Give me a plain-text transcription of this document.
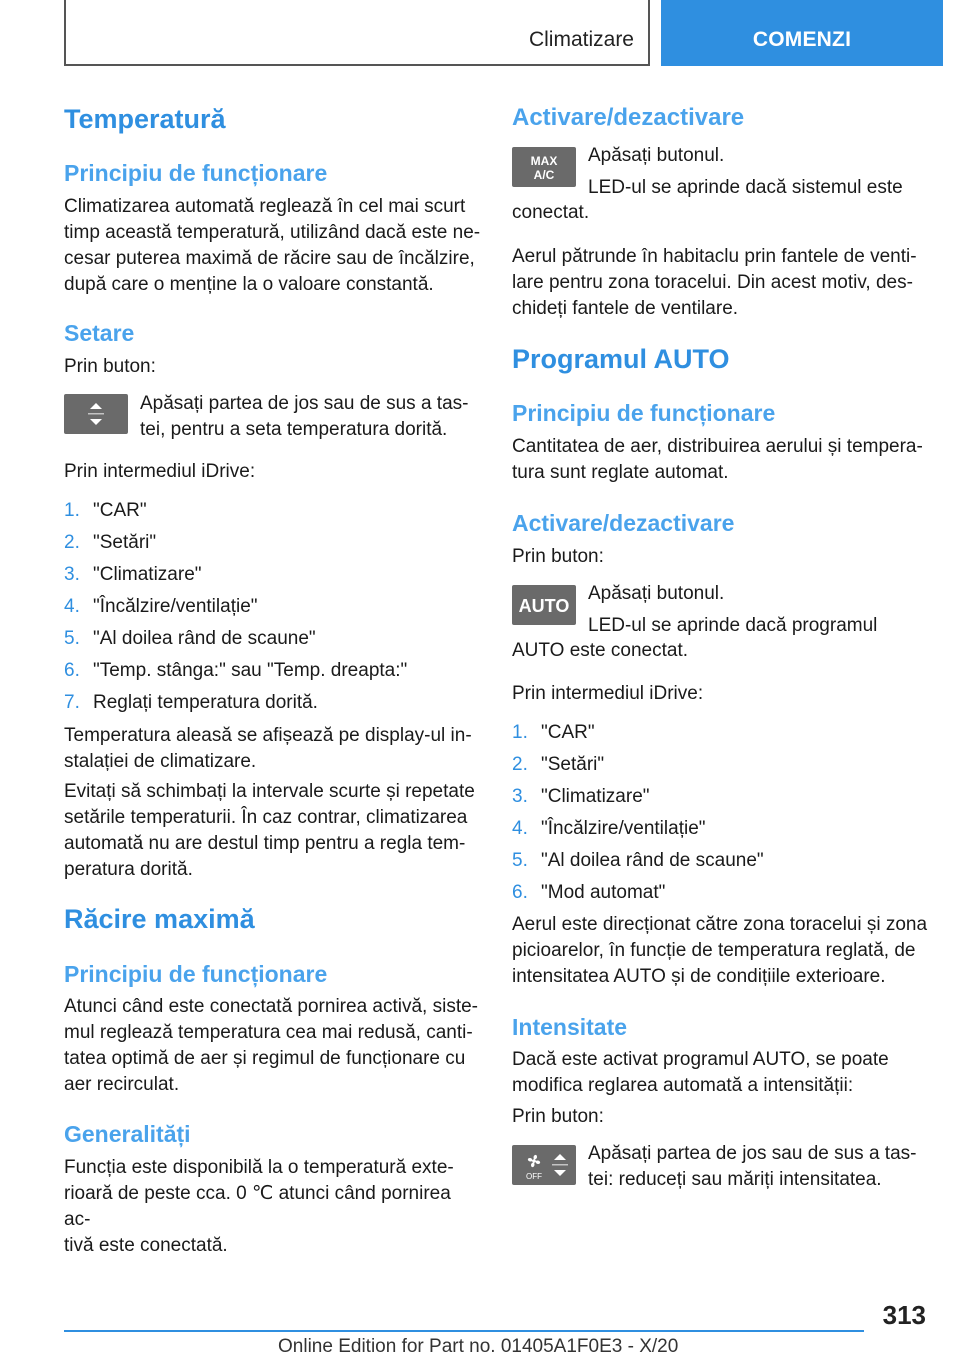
Climatizare	COMENZI
Temperatură
Principiu de funcționare
Climatizarea automată reglează în cel mai scurt
timp această temperatură, utilizând dacă este ne‐
cesar puterea maximă de răcire sau de încălzire,
după care o menține la o valoare constantă.
Setare
Prin buton:
Apăsați partea de jos sau de sus a tas‐
tei, pentru a seta temperatura dorită.
Prin intermediul iDrive:
1. "CAR"
2. "Setări"
3. "Climatizare"
4. "Încălzire/ventilație"
5. "Al doilea rând de scaune"
6. "Temp. stânga:" sau "Temp. dreapta:"
7. Reglați temperatura dorită.
Temperatura aleasă se afișează pe display-ul in‐
stalației de climatizare.
Evitați să schimbați la intervale scurte și repetate
setările temperaturii. În caz contrar, climatizarea
automată nu are destul timp pentru a regla tem‐
peratura dorită.
Răcire maximă
Principiu de funcționare
Atunci când este conectată pornirea activă, siste‐
mul reglează temperatura cea mai redusă, canti‐
tatea optimă de aer și regimul de funcționare cu
aer recirculat.
Generalități
Funcția este disponibilă la o temperatură exte‐
rioară de peste cca. 0 ℃ atunci când pornirea ac‐
tivă este conectată.
Activare/dezactivare
MAX
A/C
Apăsați butonul.
LED-ul se aprinde dacă sistemul este
conectat.
Aerul pătrunde în habitaclu prin fantele de venti‐
lare pentru zona toracelui. Din acest motiv, des‐
chideți fantele de ventilare.
Programul AUTO
Principiu de funcționare
Cantitatea de aer, distribuirea aerului și tempera‐
tura sunt reglate automat.
Activare/dezactivare
Prin buton:
AUTO
Apăsați butonul.
LED-ul se aprinde dacă programul
AUTO este conectat.
Prin intermediul iDrive:
1. "CAR"
2. "Setări"
3. "Climatizare"
4. "Încălzire/ventilație"
5. "Al doilea rând de scaune"
6. "Mod automat"
Aerul este direcționat către zona toracelui și zona
picioarelor, în funcție de temperatura reglată, de
intensitatea AUTO și de condițiile exterioare.
Intensitate
Dacă este activat programul AUTO, se poate
modifica reglarea automată a intensității:
Prin buton:
OFF
Apăsați partea de jos sau de sus a tas‐
tei: reduceți sau măriți intensitatea.
313
Online Edition for Part no. 01405A1F0E3 - X/20
